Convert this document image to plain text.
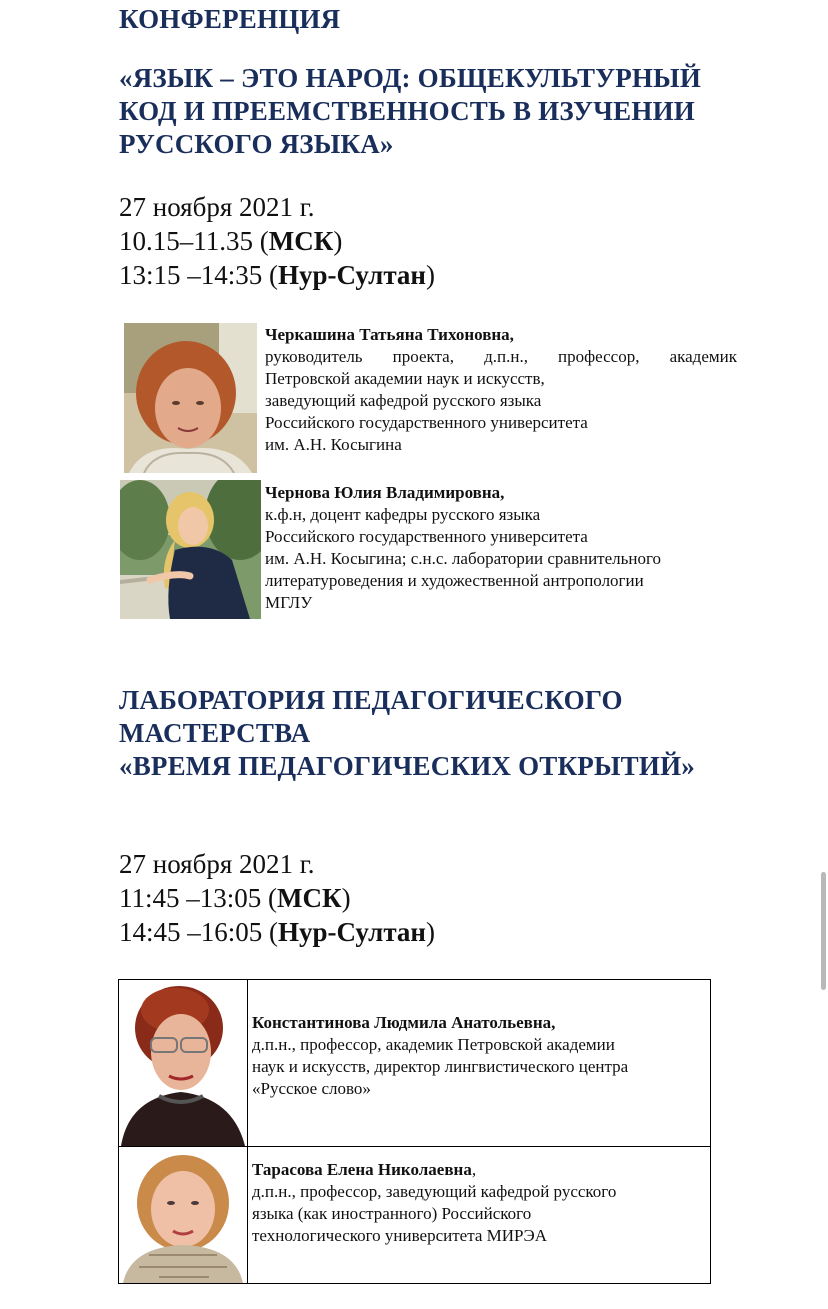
КОНФЕРЕНЦИЯ
«ЯЗЫК – ЭТО НАРОД: ОБЩЕКУЛЬТУРНЫЙ
КОД И ПРЕЕМСТВЕННОСТЬ В ИЗУЧЕНИИ
РУССКОГО ЯЗЫКА»
27 ноября 2021 г.
10.15–11.35 (МСК)
13:15 –14:35 (Нур-Султан)
Черкашина Татьяна Тихоновна,
руководитель проекта, д.п.н., профессор, академик
Петровской академии наук и искусств,
заведующий кафедрой русского языка
Российского государственного университета
им. А.Н. Косыгина
Чернова Юлия Владимировна,
к.ф.н, доцент кафедры русского языка
Российского государственного университета
им. А.Н. Косыгина; с.н.с. лаборатории сравнительного
литературоведения и художественной антропологии
МГЛУ
ЛАБОРАТОРИЯ ПЕДАГОГИЧЕСКОГО
МАСТЕРСТВА
«ВРЕМЯ ПЕДАГОГИЧЕСКИХ ОТКРЫТИЙ»
27 ноября 2021 г.
11:45 –13:05 (МСК)
14:45 –16:05 (Нур-Султан)

Константинова Людмила Анатольевна,
д.п.н., профессор, академик Петровской академии
наук и искусств, директор лингвистического центра
«Русское слово»

Тарасова Елена Николаевна,
д.п.н., профессор, заведующий кафедрой русского
языка (как иностранного) Российского
технологического университета МИРЭА
